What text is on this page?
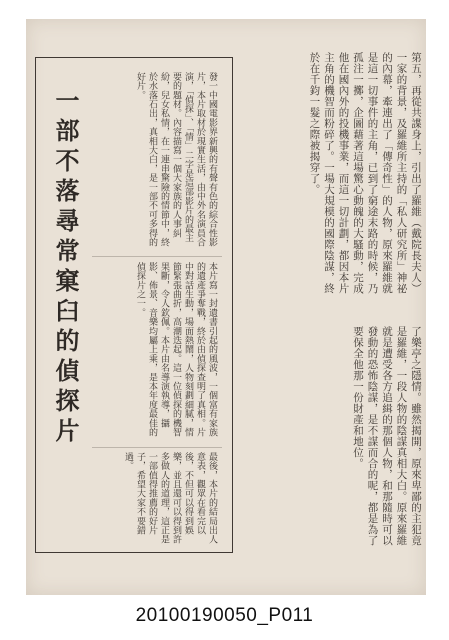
第五，再從共諜身上，引出了羅維（戴院長夫人）一家的背景，及羅維所主持的「私人研究所」神祕的內幕，牽連出了「傳奇性」的人物，原來羅維就是這一切事件的主角，已到了窮途末路的時候，乃孤注一擲，企圖藉著這場驚心動魄的大騷動，完成他在國內外的投機事業，而這一切計劃，都因本片主角的機智而粉碎了。一場大規模的國際陰謀，終於在千鈞一髮之際被揭穿了。
了樂亭之隱情。雖然揭開，原來卑鄙的主犯竟是羅維，一段人物的陰謀真相大白。原來羅維就是遭受各方追緝的那個人物，和那隨時可以發動的恐怖陰謀，是不謀而合的呢，都是為了要保全他那一份財產和地位。
一部不落尋常窠臼的偵探片	發一中國電影界新興的有聲有色的綜合性影片，本片取材於現實生活，由中外名演員合演，「偵探」、「情」二字是這部影片的最主要的題材。內容描寫一個大家族的人事糾紛，兒女私情，在一連串驚險的情節中，終於水落石出，真相大白，是一部不可多得的好片。
本片寫一封遺書引起的風波，一個富有家族的遺產爭奪戰，終於由偵探查明了真相。片中對話生動，場面熱鬧，人物刻劃細膩，情節緊張曲折，高潮迭起。這一位偵探的機智果斷，令人欽佩。本片由名導演執導，攝影、佈景、音樂均屬上乘，是本年度最佳的偵探片之一。
最後，本片的結局出人意表，觀眾在看完以後，不但可以得到娛樂，並且還可以得到許多做人的道理，這正是一部值得推薦的好片子，希望大家不要錯過。
20100190050_P011
